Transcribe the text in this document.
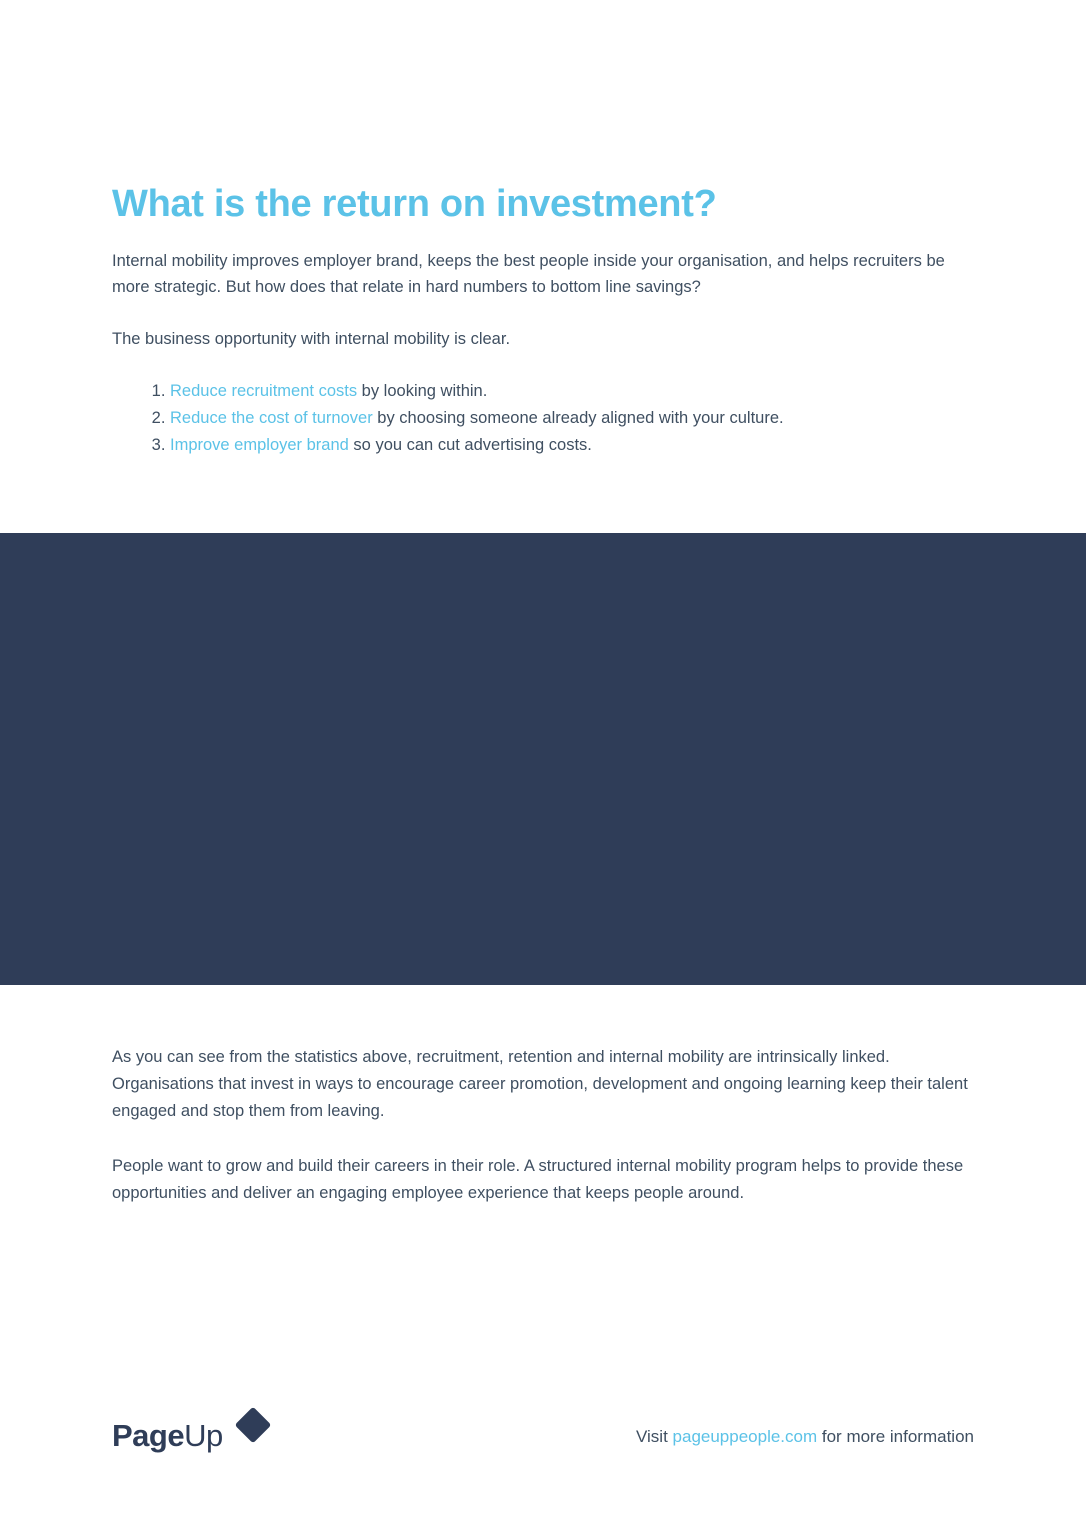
What is the return on investment?

Internal mobility improves employer brand, keeps the best people inside your organisation, and helps recruiters be more strategic. But how does that relate in hard numbers to bottom line savings?

The business opportunity with internal mobility is clear.

1. Reduce recruitment costs by looking within.
2. Reduce the cost of turnover by choosing someone already aligned with your culture.
3. Improve employer brand so you can cut advertising costs.

As you can see from the statistics above, recruitment, retention and internal mobility are intrinsically linked. Organisations that invest in ways to encourage career promotion, development and ongoing learning keep their talent engaged and stop them from leaving.

People want to grow and build their careers in their role. A structured internal mobility program helps to provide these opportunities and deliver an engaging employee experience that keeps people around.

PageUp	Visit pageuppeople.com for more information
